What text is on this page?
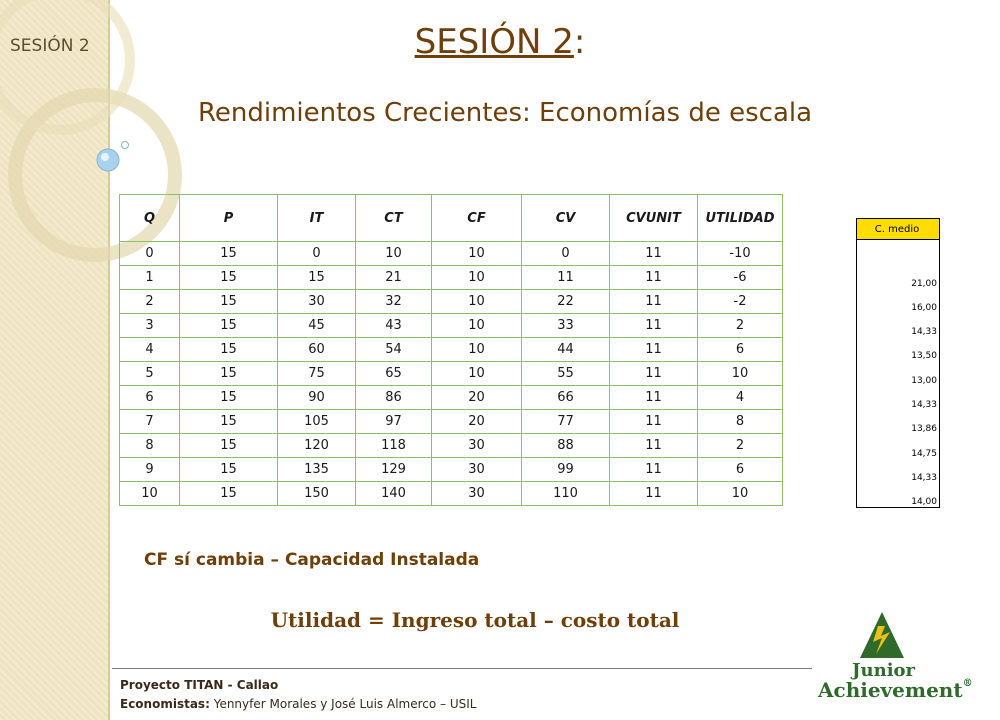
SESIÓN 2	SESIÓN 2:
Rendimientos Crecientes: Economías de escala
Q	P	IT	CT	CF	CV	CVUNIT	UTILIDAD
0	15	0	10	10	0	11	-10
1	15	15	21	10	11	11	-6
2	15	30	32	10	22	11	-2
3	15	45	43	10	33	11	2
4	15	60	54	10	44	11	6
5	15	75	65	10	55	11	10
6	15	90	86	20	66	11	4
7	15	105	97	20	77	11	8
8	15	120	118	30	88	11	2
9	15	135	129	30	99	11	6
10	15	150	140	30	110	11	10
C. medio

21,00
16,00
14,33
13,50
13,00
14,33
13,86
14,75
14,33
14,00
CF sí cambia – Capacidad Instalada
Utilidad = Ingreso total – costo total
Proyecto TITAN - Callao
Economistas: Yennyfer Morales y José Luis Almerco – USIL
Junior
Achievement®
